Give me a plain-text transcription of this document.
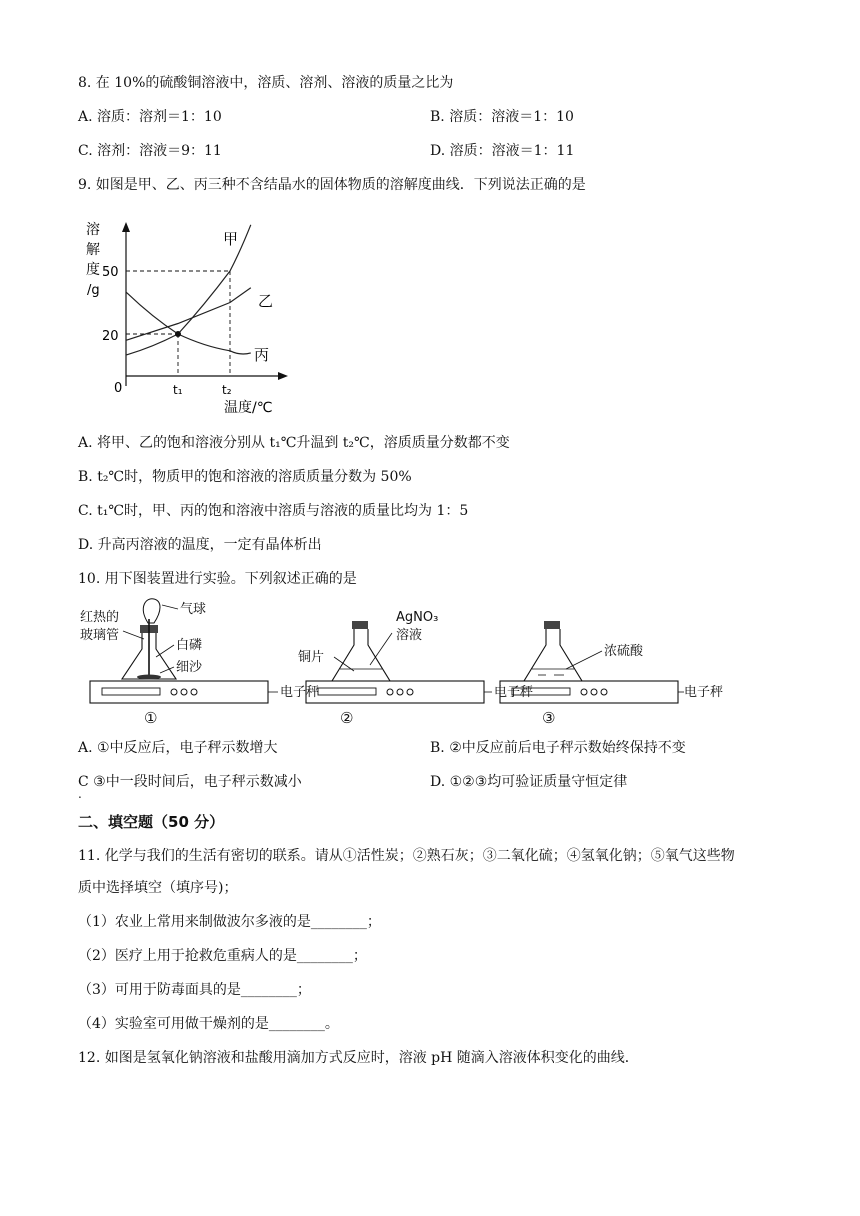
8. 在 10%的硫酸铜溶液中，溶质、溶剂、溶液的质量之比为
A. 溶质：溶剂＝1：10	B. 溶质：溶液＝1：10
C. 溶剂：溶液＝9：11	D. 溶质：溶液＝1：11
9. 如图是甲、乙、丙三种不含结晶水的固体物质的溶解度曲线．下列说法正确的是
溶
解
度
/g
50
20
0	t₁	t₂
温度/℃
甲
乙
丙
A. 将甲、乙的饱和溶液分别从 t₁℃升温到 t₂℃，溶质质量分数都不变
B. t₂℃时，物质甲的饱和溶液的溶质质量分数为 50%
C. t₁℃时，甲、丙的饱和溶液中溶质与溶液的质量比均为 1：5
D. 升高丙溶液的温度，一定有晶体析出
10. 用下图装置进行实验。下列叙述正确的是
红热的
玻璃管
气球
白磷
细沙
电子秤
①
AgNO₃
溶液
铜片
电子秤
②
浓硫酸
电子秤
③
A. ①中反应后，电子秤示数增大	B. ②中反应前后电子秤示数始终保持不变
C ③中一段时间后，电子秤示数减小
.
D. ①②③均可验证质量守恒定律
二、填空题（50 分）
11. 化学与我们的生活有密切的联系。请从①活性炭；②熟石灰；③二氧化硫；④氢氧化钠；⑤氧气这些物
质中选择填空（填序号)；
（1）农业上常用来制做波尔多液的是________；
（2）医疗上用于抢救危重病人的是________；
（3）可用于防毒面具的是________；
（4）实验室可用做干燥剂的是________。
12. 如图是氢氧化钠溶液和盐酸用滴加方式反应时，溶液 pH 随滴入溶液体积变化的曲线．
